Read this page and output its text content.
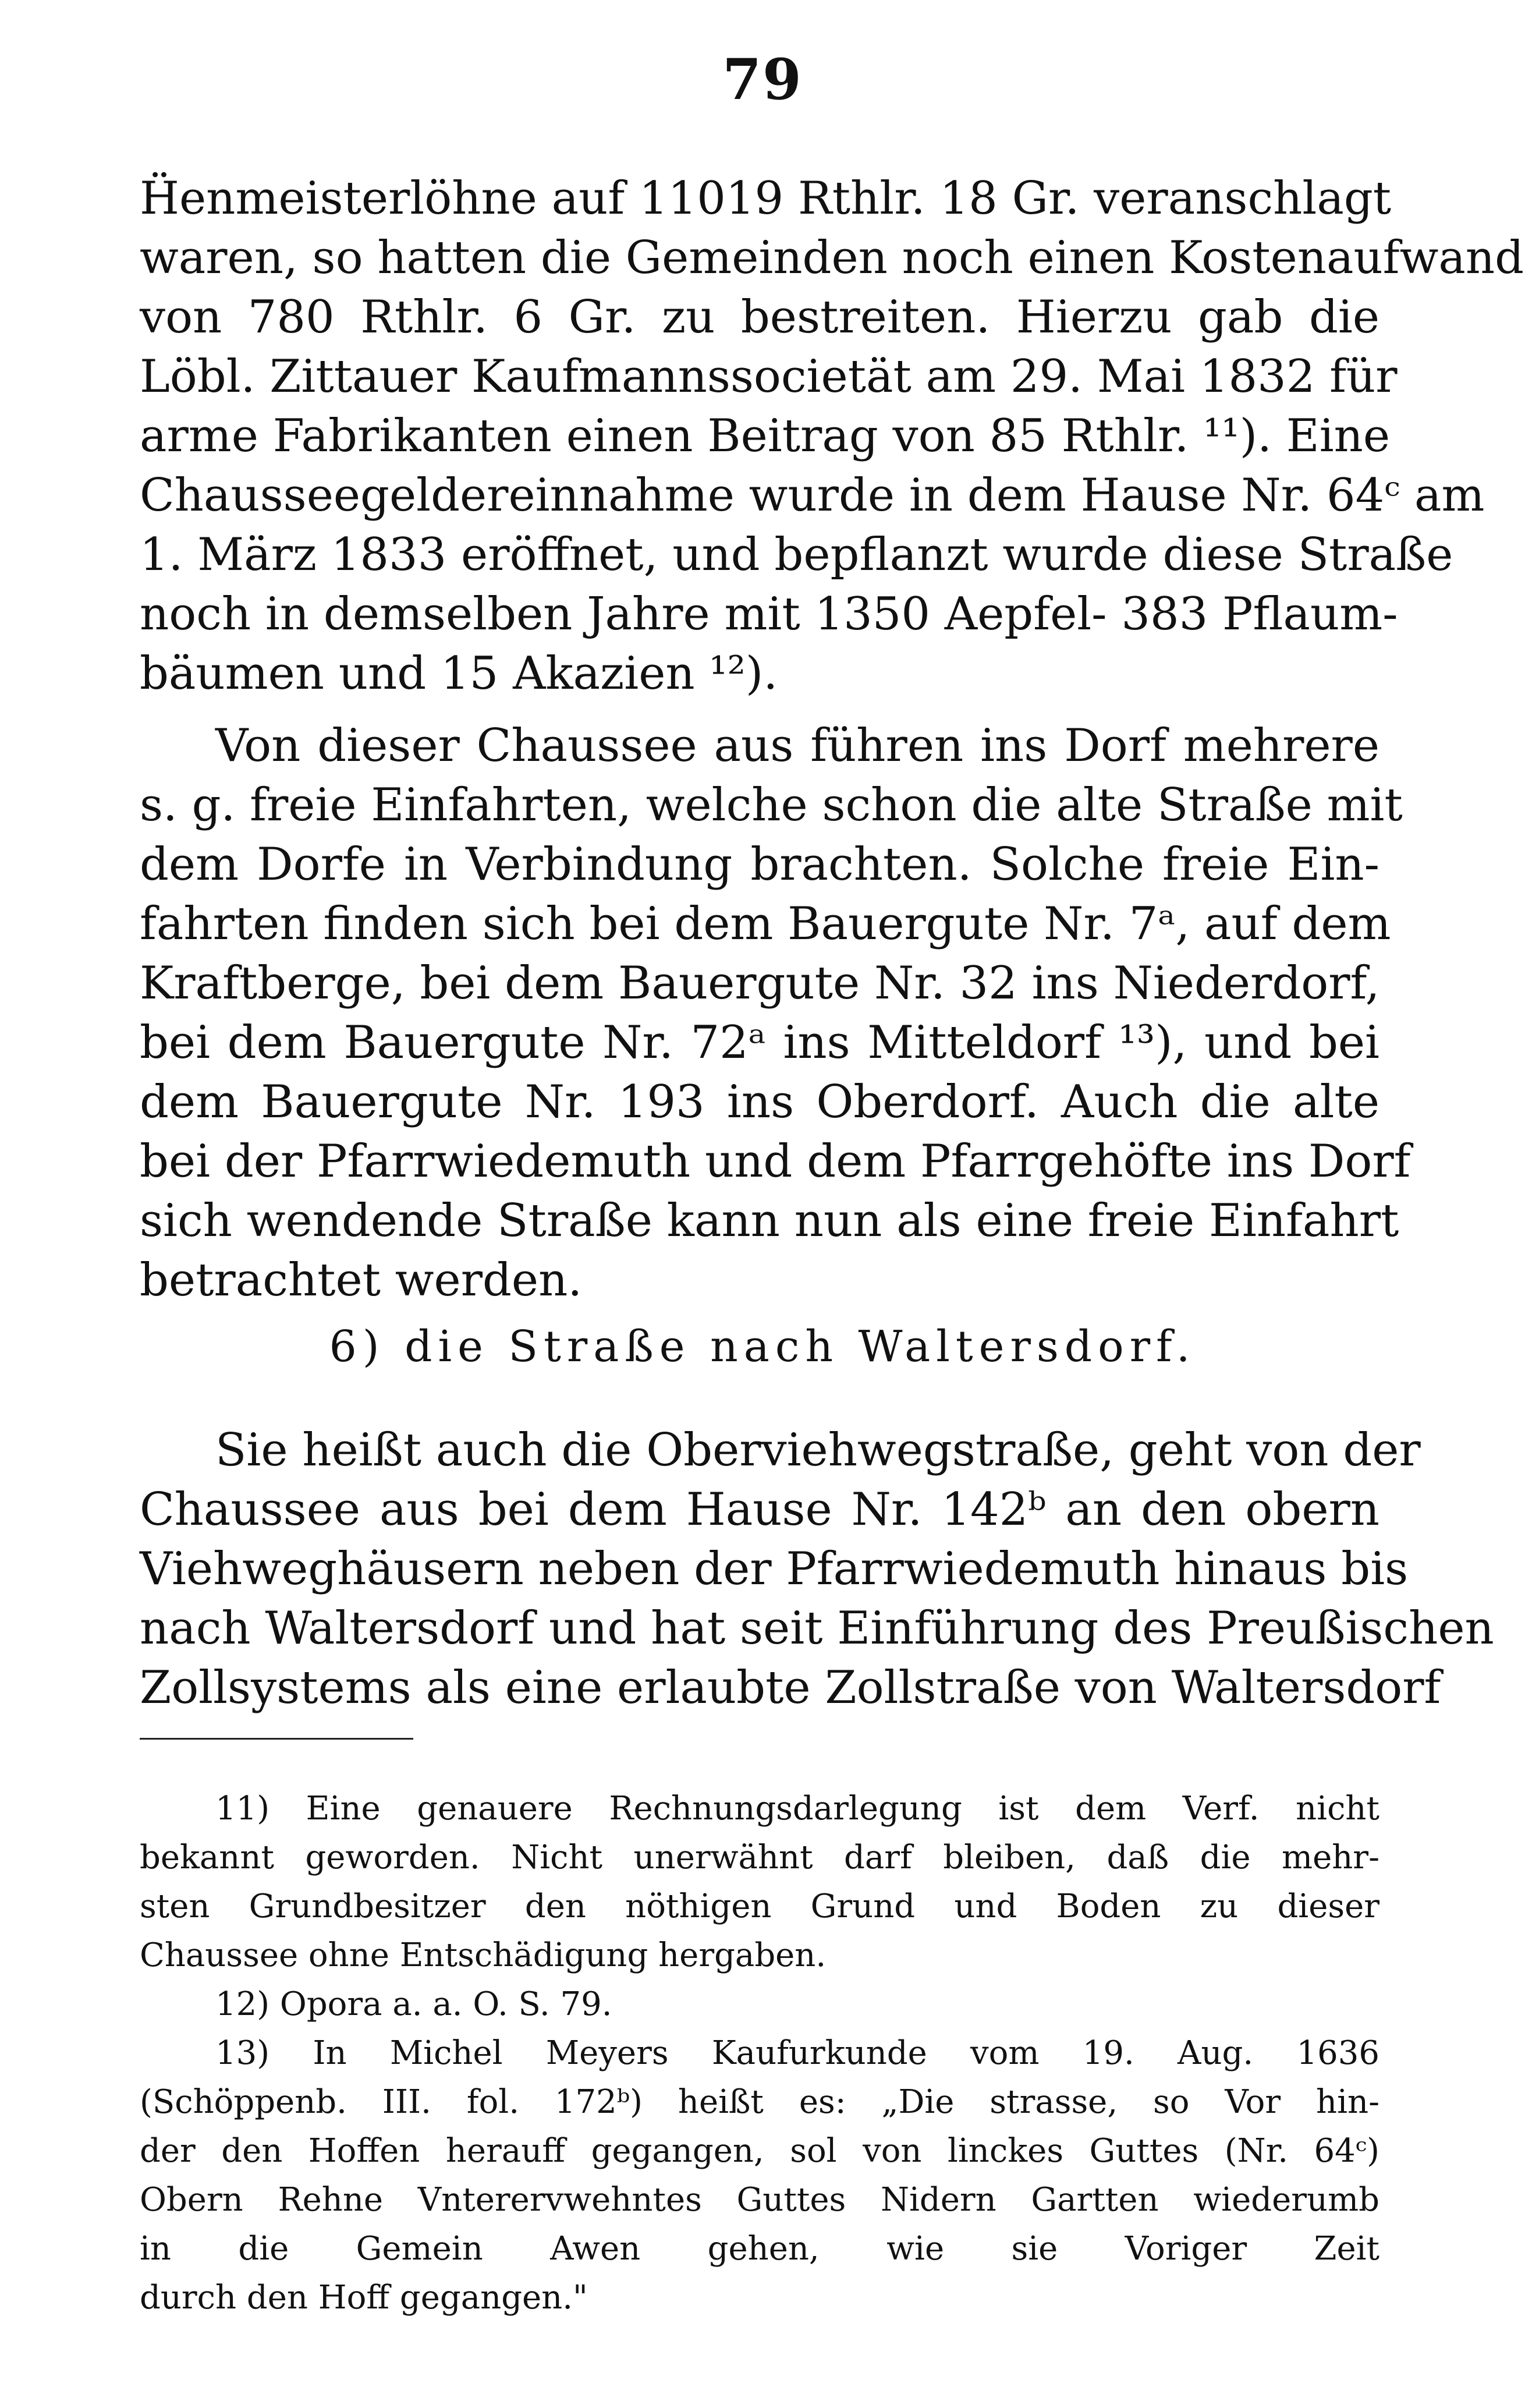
79
Ḧenmeisterlöhne auf 11019 Rthlr. 18 Gr. veranschlagt
waren, so hatten die Gemeinden noch einen Kostenaufwand
von 780 Rthlr. 6 Gr. zu bestreiten. Hierzu gab die
Löbl. Zittauer Kaufmannssocietät am 29. Mai 1832 für
arme Fabrikanten einen Beitrag von 85 Rthlr. ¹¹). Eine
Chausseegeldereinnahme wurde in dem Hause Nr. 64ᶜ am
1. März 1833 eröffnet, und bepflanzt wurde diese Straße
noch in demselben Jahre mit 1350 Aepfel- 383 Pflaum-
bäumen und 15 Akazien ¹²).
Von dieser Chaussee aus führen ins Dorf mehrere
s. g. freie Einfahrten, welche schon die alte Straße mit
dem Dorfe in Verbindung brachten. Solche freie Ein-
fahrten finden sich bei dem Bauergute Nr. 7ᵃ, auf dem
Kraftberge, bei dem Bauergute Nr. 32 ins Niederdorf,
bei dem Bauergute Nr. 72ᵃ ins Mitteldorf ¹³), und bei
dem Bauergute Nr. 193 ins Oberdorf. Auch die alte
bei der Pfarrwiedemuth und dem Pfarrgehöfte ins Dorf
sich wendende Straße kann nun als eine freie Einfahrt
betrachtet werden.
6) die Straße nach Waltersdorf.
Sie heißt auch die Oberviehwegstraße, geht von der
Chaussee aus bei dem Hause Nr. 142ᵇ an den obern
Viehweghäusern neben der Pfarrwiedemuth hinaus bis
nach Waltersdorf und hat seit Einführung des Preußischen
Zollsystems als eine erlaubte Zollstraße von Waltersdorf
11) Eine genauere Rechnungsdarlegung ist dem Verf. nicht
bekannt geworden. Nicht unerwähnt darf bleiben, daß die mehr-
sten Grundbesitzer den nöthigen Grund und Boden zu dieser
Chaussee ohne Entschädigung hergaben.
12) Opora a. a. O. S. 79.
13) In Michel Meyers Kaufurkunde vom 19. Aug. 1636
(Schöppenb. III. fol. 172ᵇ) heißt es: „Die strasse, so Vor hin-
der den Hoffen herauff gegangen, sol von linckes Guttes (Nr. 64ᶜ)
Obern Rehne Vnterervwehntes Guttes Nidern Gartten wiederumb
in die Gemein Awen gehen, wie sie Voriger Zeit
durch den Hoff gegangen."
